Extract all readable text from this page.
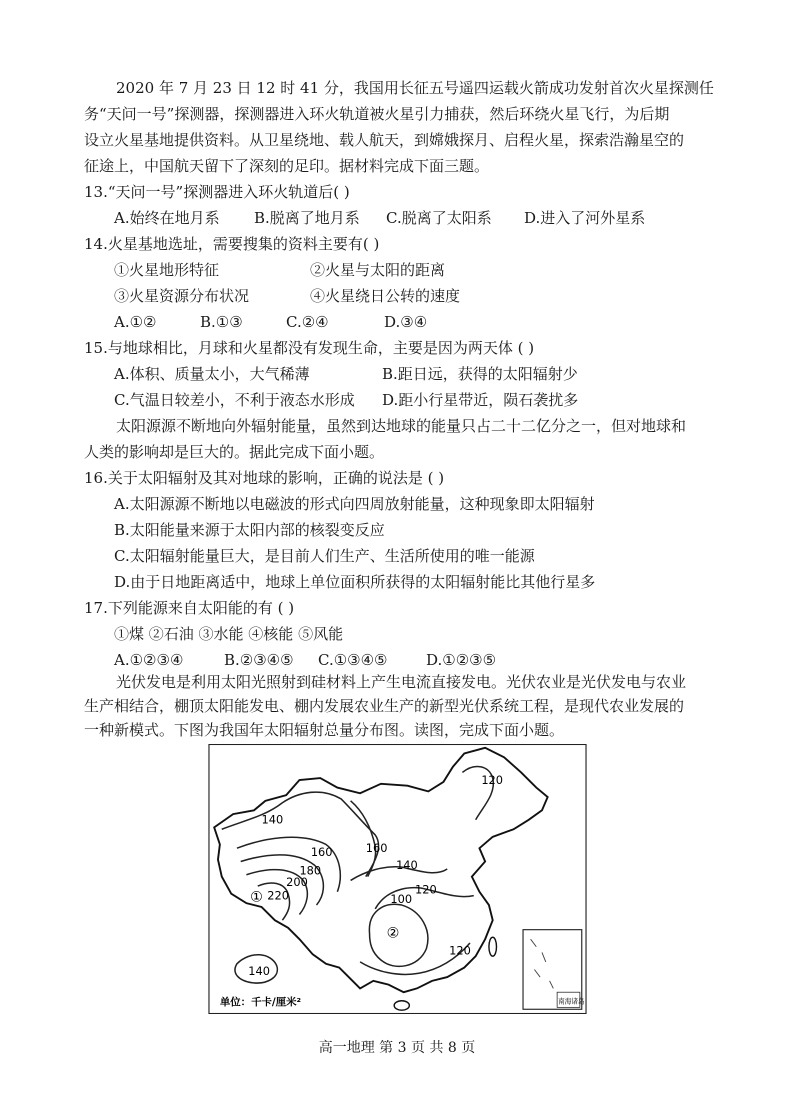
2020 年 7 月 23 日 12 时 41 分，我国用长征五号遥四运载火箭成功发射首次火星探测任
务“天问一号”探测器，探测器进入环火轨道被火星引力捕获，然后环绕火星飞行，为后期
设立火星基地提供资料。从卫星绕地、载人航天，到嫦娥探月、启程火星，探索浩瀚星空的
征途上，中国航天留下了深刻的足印。据材料完成下面三题。
13.“天问一号”探测器进入环火轨道后( )
A.始终在地月系 B.脱离了地月系 C.脱离了太阳系 D.进入了河外星系
14.火星基地选址，需要搜集的资料主要有( )
①火星地形特征	②火星与太阳的距离
③火星资源分布状况	④火星绕日公转的速度
A.①②	B.①③	C.②④	D.③④
15.与地球相比，月球和火星都没有发现生命，主要是因为两天体 ( )
A.体积、质量太小，大气稀薄	B.距日远，获得的太阳辐射少
C.气温日较差小，不利于液态水形成 D.距小行星带近，陨石袭扰多
太阳源源不断地向外辐射能量，虽然到达地球的能量只占二十二亿分之一，但对地球和
人类的影响却是巨大的。据此完成下面小题。
16.关于太阳辐射及其对地球的影响，正确的说法是 ( )
A.太阳源源不断地以电磁波的形式向四周放射能量，这种现象即太阳辐射
B.太阳能量来源于太阳内部的核裂变反应
C.太阳辐射能量巨大，是目前人们生产、生活所使用的唯一能源
D.由于日地距离适中，地球上单位面积所获得的太阳辐射能比其他行星多
17.下列能源来自太阳能的有 ( )
①煤 ②石油 ③水能 ④核能 ⑤风能
A.①②③④	B.②③④⑤ C.①③④⑤	D.①②③⑤
光伏发电是利用太阳光照射到硅材料上产生电流直接发电。光伏农业是光伏发电与农业
生产相结合，棚顶太阳能发电、棚内发展农业生产的新型光伏系统工程，是现代农业发展的
120
140
160	160
180
200
220
140
120
100
120
140
①
②
单位：千卡/厘米²	南海诸岛
高一地理 第 3 页 共 8 页
一种新模式。下图为我国年太阳辐射总量分布图。读图，完成下面小题。
